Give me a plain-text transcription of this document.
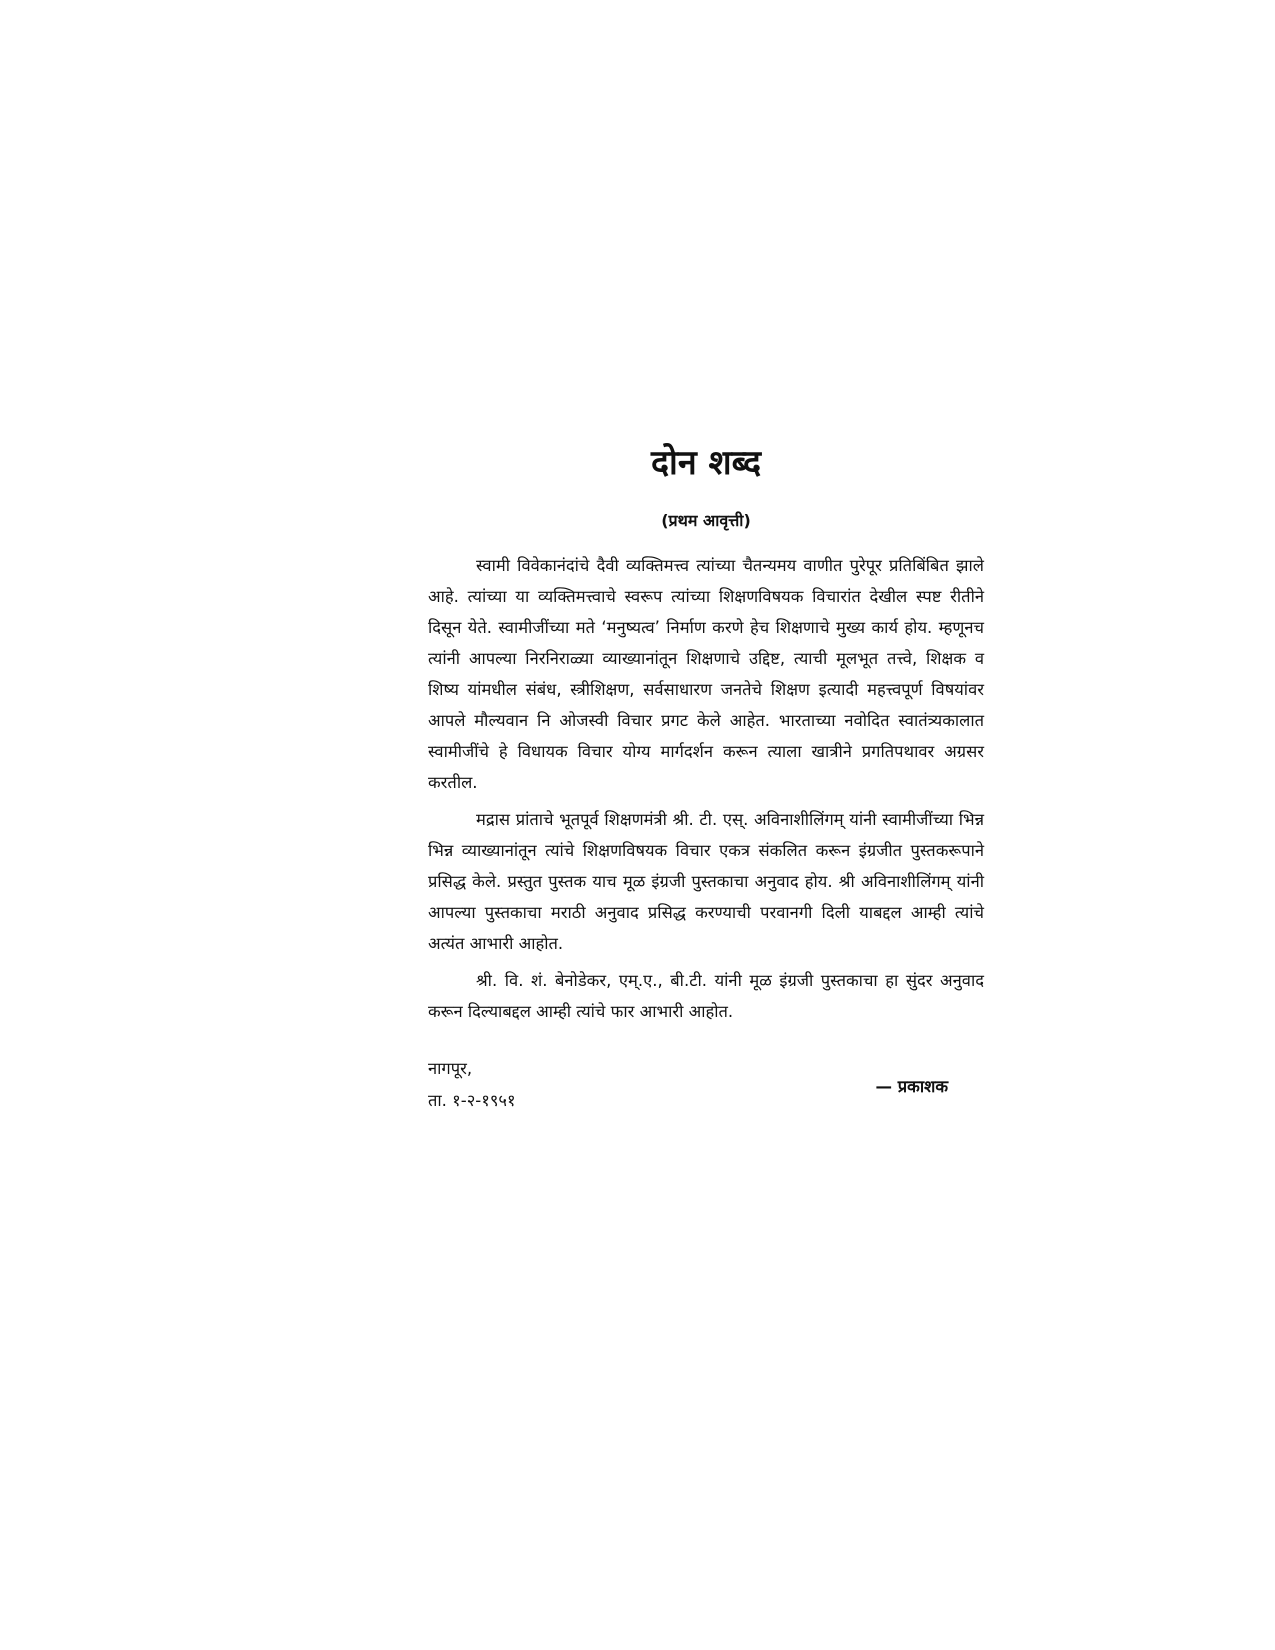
दोन शब्द
(प्रथम आवृत्ती)

स्वामी विवेकानंदांचे दैवी व्यक्तिमत्त्व त्यांच्या चैतन्यमय वाणीत पुरेपूर प्रतिबिंबित झाले आहे. त्यांच्या या व्यक्तिमत्त्वाचे स्वरूप त्यांच्या शिक्षणविषयक विचारांत देखील स्पष्ट रीतीने दिसून येते. स्वामीजींच्या मते ‘मनुष्यत्व’ निर्माण करणे हेच शिक्षणाचे मुख्य कार्य होय. म्हणूनच त्यांनी आपल्या निरनिराळ्या व्याख्यानांतून शिक्षणाचे उद्दिष्ट, त्याची मूलभूत तत्त्वे, शिक्षक व शिष्य यांमधील संबंध, स्त्रीशिक्षण, सर्वसाधारण जनतेचे शिक्षण इत्यादी महत्त्वपूर्ण विषयांवर आपले मौल्यवान नि ओजस्वी विचार प्रगट केले आहेत. भारताच्या नवोदित स्वातंत्र्यकालात स्वामीजींचे हे विधायक विचार योग्य मार्गदर्शन करून त्याला खात्रीने प्रगतिपथावर अग्रसर करतील.

मद्रास प्रांताचे भूतपूर्व शिक्षणमंत्री श्री. टी. एस्. अविनाशीलिंगम् यांनी स्वामीजींच्या भिन्न भिन्न व्याख्यानांतून त्यांचे शिक्षणविषयक विचार एकत्र संकलित करून इंग्रजीत पुस्तकरूपाने प्रसिद्ध केले. प्रस्तुत पुस्तक याच मूळ इंग्रजी पुस्तकाचा अनुवाद होय. श्री अविनाशीलिंगम् यांनी आपल्या पुस्तकाचा मराठी अनुवाद प्रसिद्ध करण्याची परवानगी दिली याबद्दल आम्ही त्यांचे अत्यंत आभारी आहोत.

श्री. वि. शं. बेनोडेकर, एम्.ए., बी.टी. यांनी मूळ इंग्रजी पुस्तकाचा हा सुंदर अनुवाद करून दिल्याबद्दल आम्ही त्यांचे फार आभारी आहोत.

नागपूर,
ता. १-२-१९५१
— प्रकाशक
